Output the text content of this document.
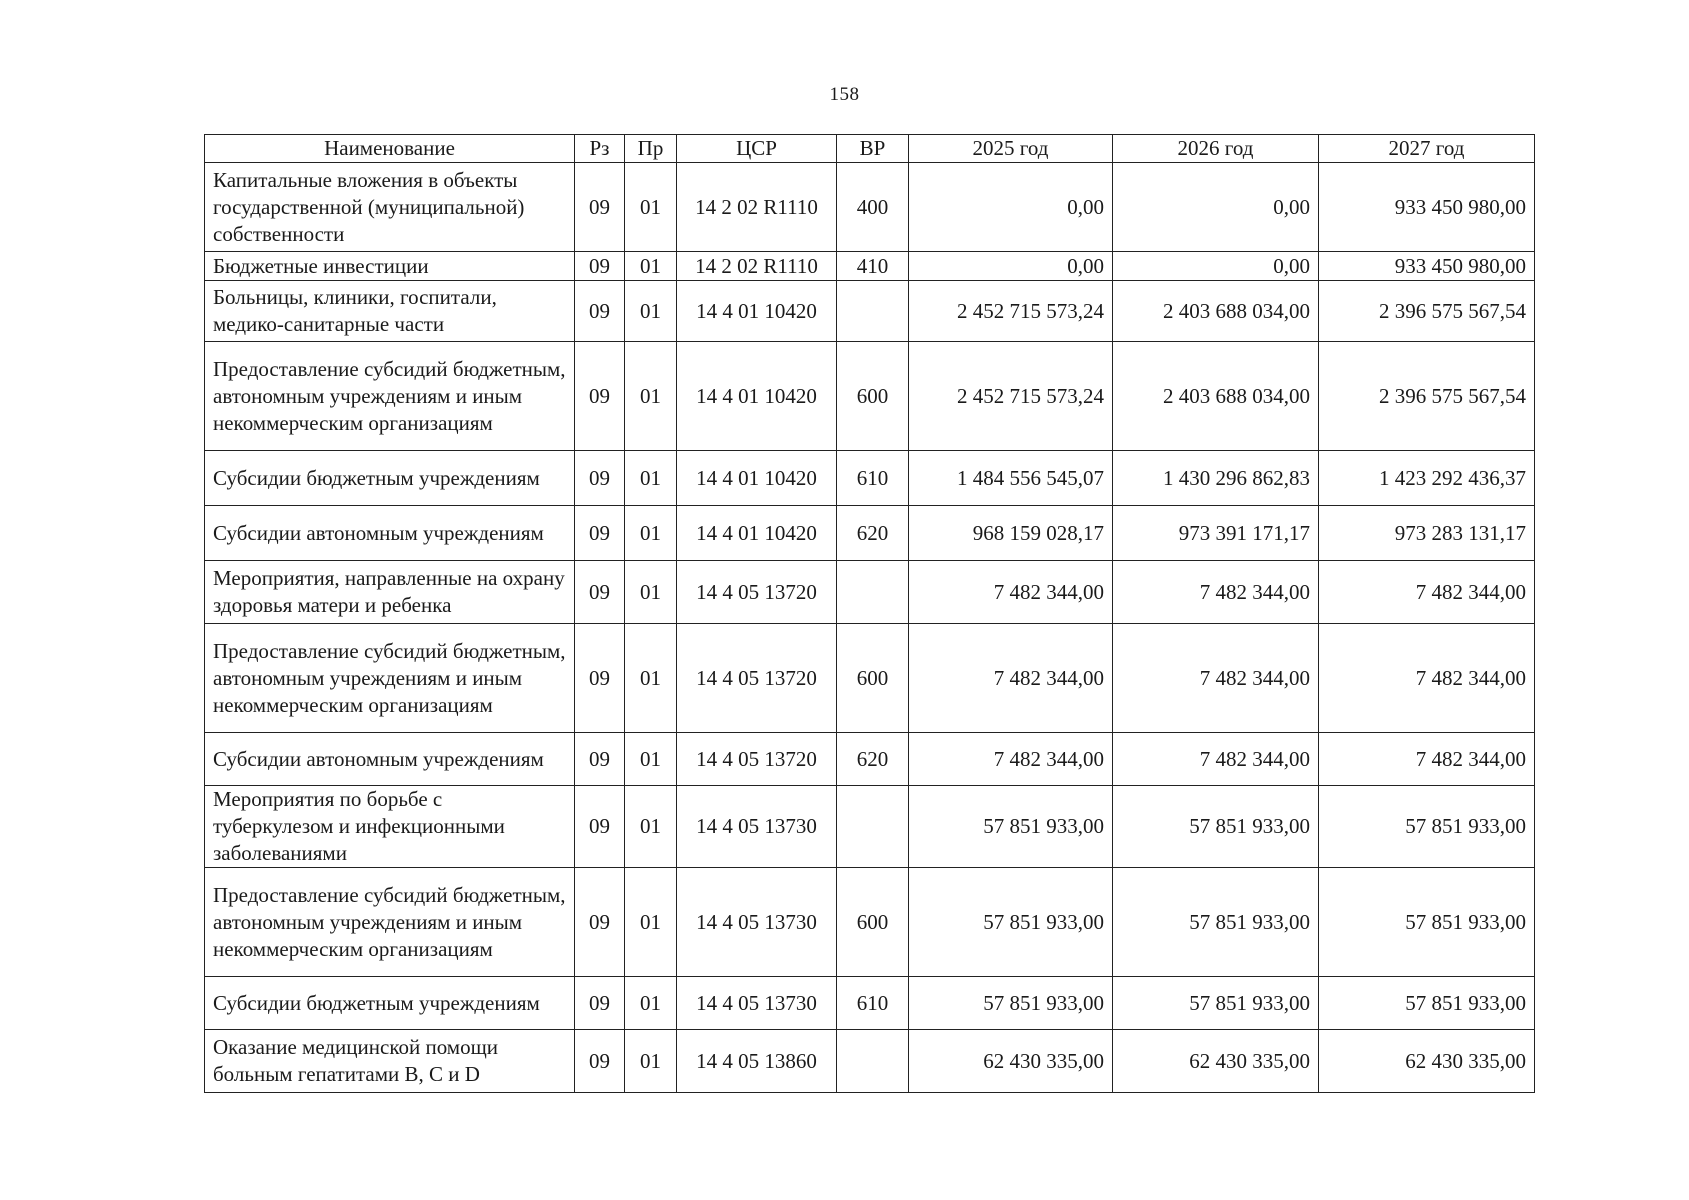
158
Наименование	Рз	Пр	ЦСР	ВР	2025 год	2026 год	2027 год
Капитальные вложения в объекты государственной (муниципальной) собственности	09	01	14 2 02 R1110	400	0,00	0,00	933 450 980,00
Бюджетные инвестиции	09	01	14 2 02 R1110	410	0,00	0,00	933 450 980,00
Больницы, клиники, госпитали, медико-санитарные части	09	01	14 4 01 10420		2 452 715 573,24	2 403 688 034,00	2 396 575 567,54
Предоставление субсидий бюджетным, автономным учреждениям и иным некоммерческим организациям	09	01	14 4 01 10420	600	2 452 715 573,24	2 403 688 034,00	2 396 575 567,54
Субсидии бюджетным учреждениям	09	01	14 4 01 10420	610	1 484 556 545,07	1 430 296 862,83	1 423 292 436,37
Субсидии автономным учреждениям	09	01	14 4 01 10420	620	968 159 028,17	973 391 171,17	973 283 131,17
Мероприятия, направленные на охрану здоровья матери и ребенка	09	01	14 4 05 13720		7 482 344,00	7 482 344,00	7 482 344,00
Предоставление субсидий бюджетным, автономным учреждениям и иным некоммерческим организациям	09	01	14 4 05 13720	600	7 482 344,00	7 482 344,00	7 482 344,00
Субсидии автономным учреждениям	09	01	14 4 05 13720	620	7 482 344,00	7 482 344,00	7 482 344,00
Мероприятия по борьбе с туберкулезом и инфекционными заболеваниями	09	01	14 4 05 13730		57 851 933,00	57 851 933,00	57 851 933,00
Предоставление субсидий бюджетным, автономным учреждениям и иным некоммерческим организациям	09	01	14 4 05 13730	600	57 851 933,00	57 851 933,00	57 851 933,00
Субсидии бюджетным учреждениям	09	01	14 4 05 13730	610	57 851 933,00	57 851 933,00	57 851 933,00
Оказание медицинской помощи больным гепатитами В, С и D	09	01	14 4 05 13860		62 430 335,00	62 430 335,00	62 430 335,00
